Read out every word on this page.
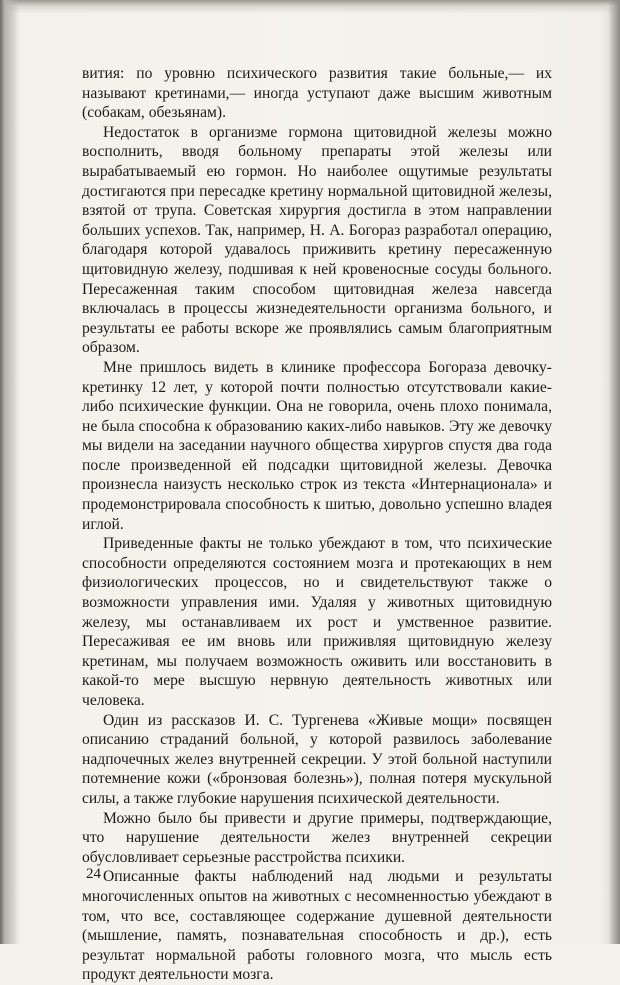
вития: по уровню психического развития такие больные,— их называют кретинами,— иногда уступают даже высшим животным (собакам, обезьянам).

Недостаток в организме гормона щитовидной железы можно восполнить, вводя больному препараты этой железы или вырабатываемый ею гормон. Но наиболее ощутимые результаты достигаются при пересадке кретину нормальной щитовидной железы, взятой от трупа. Советская хирургия достигла в этом направлении больших успехов. Так, например, Н. А. Богораз разработал операцию, благодаря которой удавалось приживить кретину пересаженную щитовидную железу, подшивая к ней кровеносные сосуды больного. Пересаженная таким способом щитовидная железа навсегда включалась в процессы жизнедеятельности организма больного, и результаты ее работы вскоре же проявлялись самым благоприятным образом.

Мне пришлось видеть в клинике профессора Богораза девочку-кретинку 12 лет, у которой почти полностью отсутствовали какие-либо психические функции. Она не говорила, очень плохо понимала, не была способна к образованию каких-либо навыков. Эту же девочку мы видели на заседании научного общества хирургов спустя два года после произведенной ей подсадки щитовидной железы. Девочка произнесла наизусть несколько строк из текста «Интернационала» и продемонстрировала способность к шитью, довольно успешно владея иглой.

Приведенные факты не только убеждают в том, что психические способности определяются состоянием мозга и протекающих в нем физиологических процессов, но и свидетельствуют также о возможности управления ими. Удаляя у животных щитовидную железу, мы останавливаем их рост и умственное развитие. Пересаживая ее им вновь или приживляя щитовидную железу кретинам, мы получаем возможность оживить или восстановить в какой-то мере высшую нервную деятельность животных или человека.

Один из рассказов И. С. Тургенева «Живые мощи» посвящен описанию страданий больной, у которой развилось заболевание надпочечных желез внутренней секреции. У этой больной наступили потемнение кожи («бронзовая болезнь»), полная потеря мускульной силы, а также глубокие нарушения психической деятельности.

Можно было бы привести и другие примеры, подтверждающие, что нарушение деятельности желез внутренней секреции обусловливает серьезные расстройства психики.

Описанные факты наблюдений над людьми и результаты многочисленных опытов на животных с несомненностью убеждают в том, что все, составляющее содержание душевной деятельности (мышление, память, познавательная способность и др.), есть результат нормальной работы головного мозга, что мысль есть продукт деятельности мозга.

24
